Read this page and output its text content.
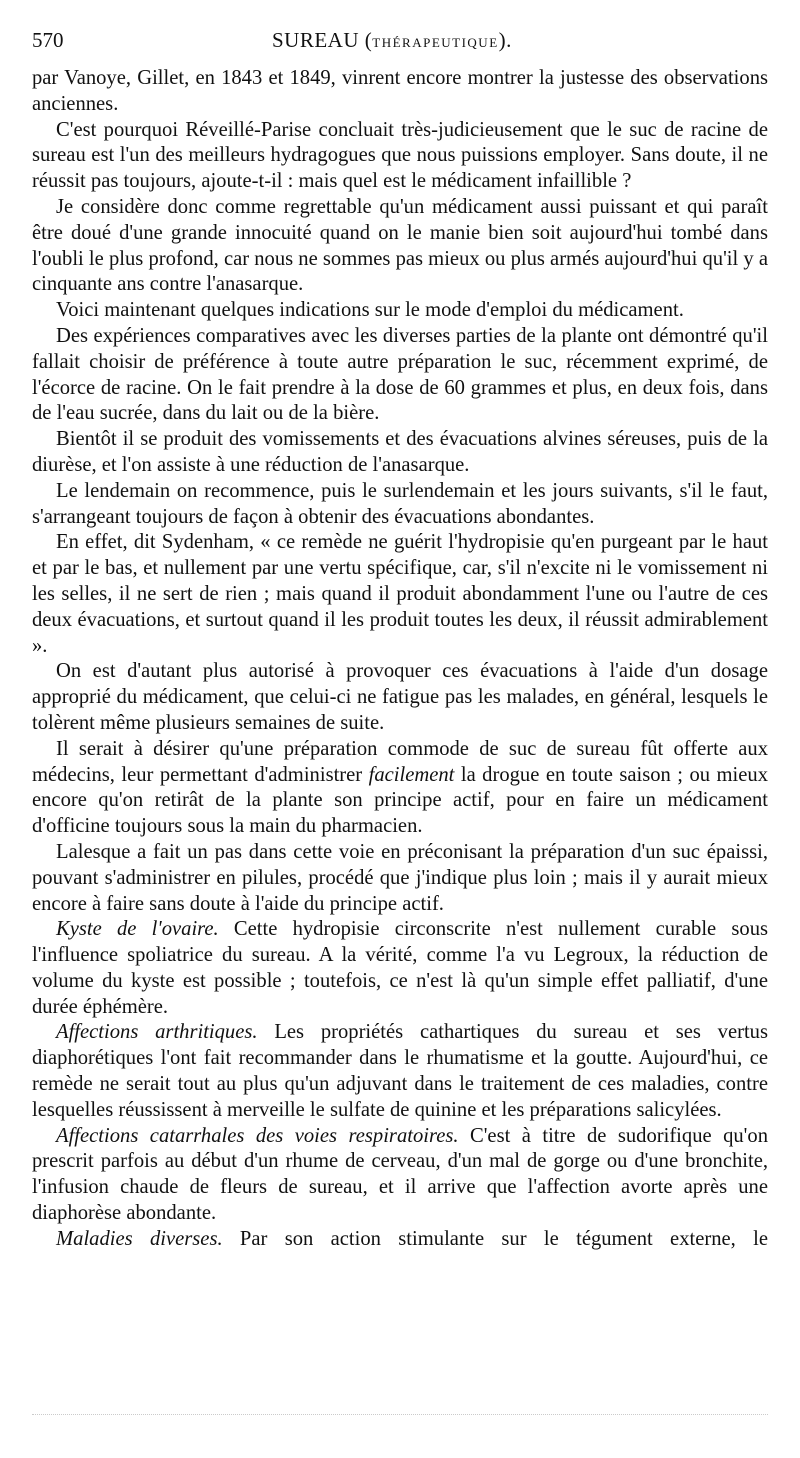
570	SUREAU (THÉRAPEUTIQUE).

par Vanoye, Gillet, en 1843 et 1849, vinrent encore montrer la justesse des observations anciennes.

C'est pourquoi Réveillé-Parise concluait très-judicieusement que le suc de racine de sureau est l'un des meilleurs hydragogues que nous puissions employer. Sans doute, il ne réussit pas toujours, ajoute-t-il : mais quel est le médicament infaillible ?

Je considère donc comme regrettable qu'un médicament aussi puissant et qui paraît être doué d'une grande innocuité quand on le manie bien soit aujourd'hui tombé dans l'oubli le plus profond, car nous ne sommes pas mieux ou plus armés aujourd'hui qu'il y a cinquante ans contre l'anasarque.

Voici maintenant quelques indications sur le mode d'emploi du médicament.

Des expériences comparatives avec les diverses parties de la plante ont démontré qu'il fallait choisir de préférence à toute autre préparation le suc, récemment exprimé, de l'écorce de racine. On le fait prendre à la dose de 60 grammes et plus, en deux fois, dans de l'eau sucrée, dans du lait ou de la bière.

Bientôt il se produit des vomissements et des évacuations alvines séreuses, puis de la diurèse, et l'on assiste à une réduction de l'anasarque.

Le lendemain on recommence, puis le surlendemain et les jours suivants, s'il le faut, s'arrangeant toujours de façon à obtenir des évacuations abondantes.

En effet, dit Sydenham, « ce remède ne guérit l'hydropisie qu'en purgeant par le haut et par le bas, et nullement par une vertu spécifique, car, s'il n'excite ni le vomissement ni les selles, il ne sert de rien ; mais quand il produit abondamment l'une ou l'autre de ces deux évacuations, et surtout quand il les produit toutes les deux, il réussit admirablement ».

On est d'autant plus autorisé à provoquer ces évacuations à l'aide d'un dosage approprié du médicament, que celui-ci ne fatigue pas les malades, en général, lesquels le tolèrent même plusieurs semaines de suite.

Il serait à désirer qu'une préparation commode de suc de sureau fût offerte aux médecins, leur permettant d'administrer facilement la drogue en toute saison ; ou mieux encore qu'on retirât de la plante son principe actif, pour en faire un médicament d'officine toujours sous la main du pharmacien.

Lalesque a fait un pas dans cette voie en préconisant la préparation d'un suc épaissi, pouvant s'administrer en pilules, procédé que j'indique plus loin ; mais il y aurait mieux encore à faire sans doute à l'aide du principe actif.

Kyste de l'ovaire. Cette hydropisie circonscrite n'est nullement curable sous l'influence spoliatrice du sureau. A la vérité, comme l'a vu Legroux, la réduction de volume du kyste est possible ; toutefois, ce n'est là qu'un simple effet palliatif, d'une durée éphémère.

Affections arthritiques. Les propriétés cathartiques du sureau et ses vertus diaphorétiques l'ont fait recommander dans le rhumatisme et la goutte. Aujourd'hui, ce remède ne serait tout au plus qu'un adjuvant dans le traitement de ces maladies, contre lesquelles réussissent à merveille le sulfate de quinine et les préparations salicylées.

Affections catarrhales des voies respiratoires. C'est à titre de sudorifique qu'on prescrit parfois au début d'un rhume de cerveau, d'un mal de gorge ou d'une bronchite, l'infusion chaude de fleurs de sureau, et il arrive que l'affection avorte après une diaphorèse abondante.

Maladies diverses. Par son action stimulante sur le tégument externe, le
